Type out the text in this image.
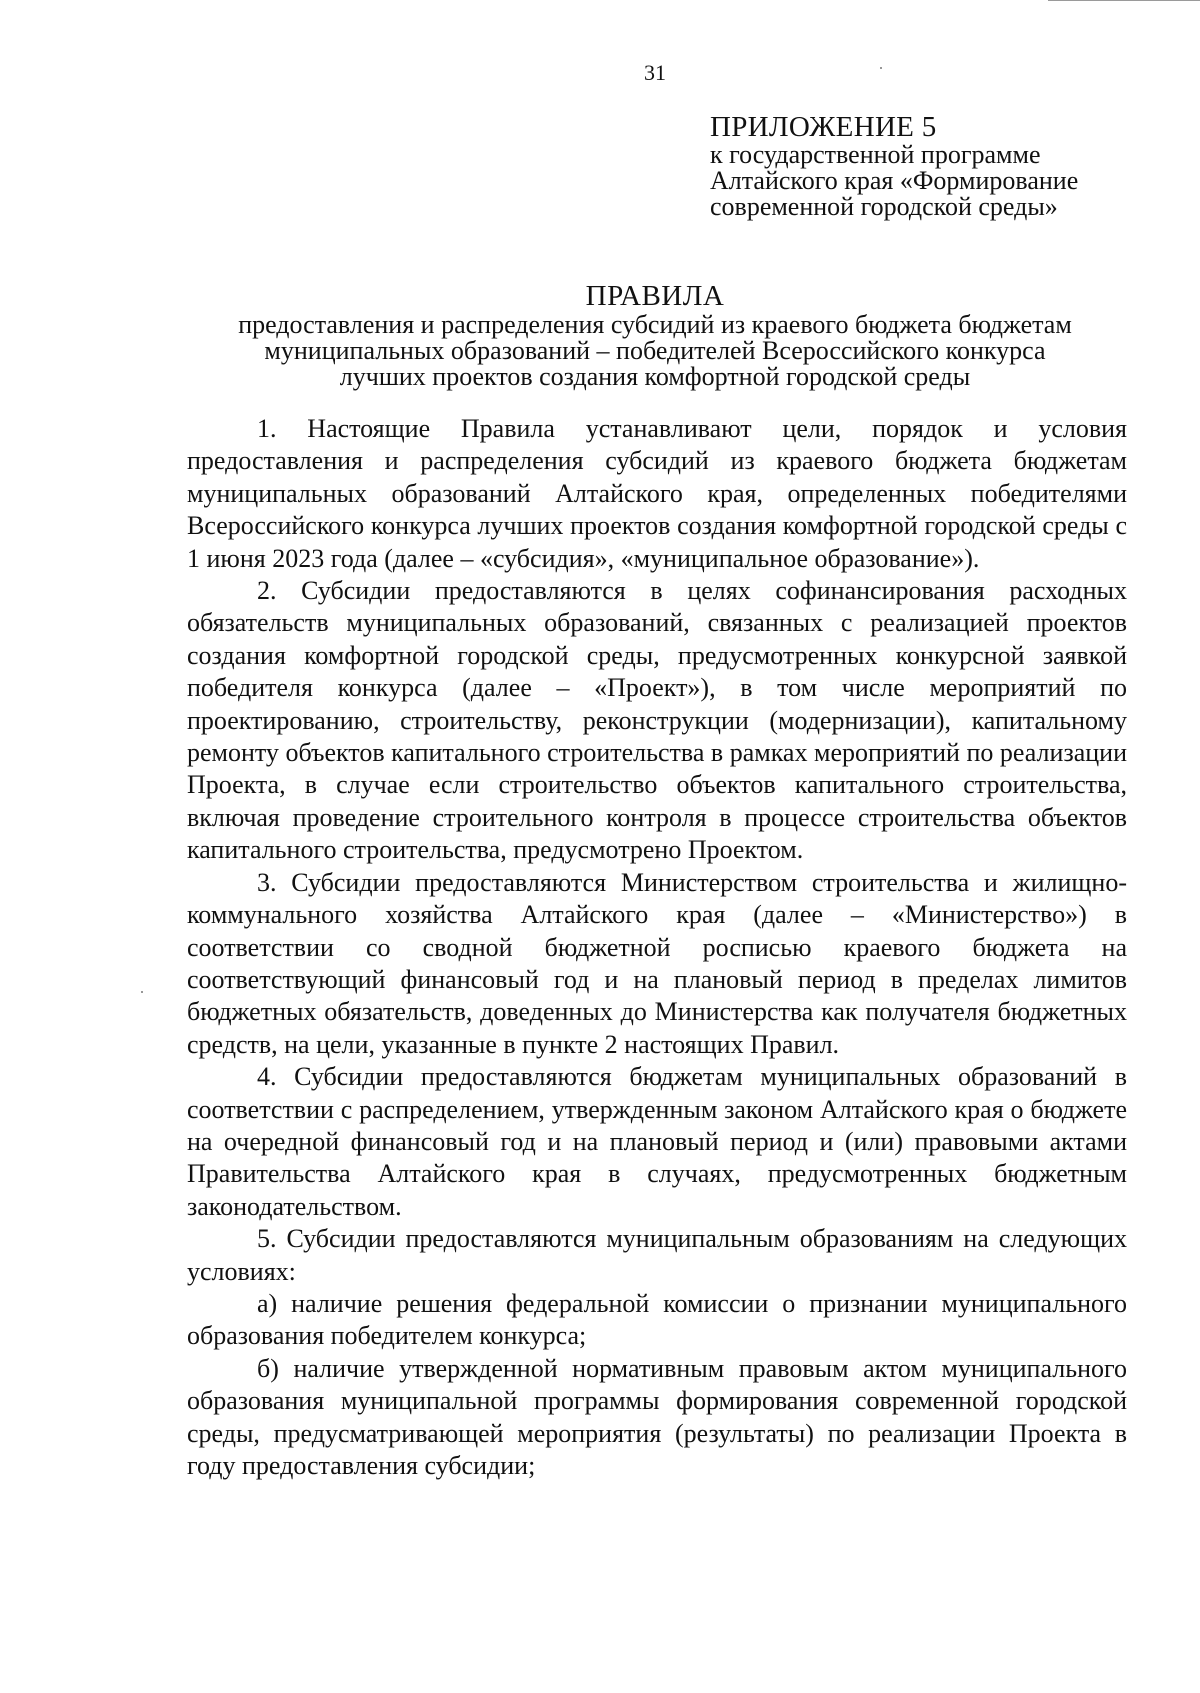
31
ПРИЛОЖЕНИЕ 5
к государственной программе
Алтайского края «Формирование
современной городской среды»
ПРАВИЛА
предоставления и распределения субсидий из краевого бюджета бюджетам
муниципальных образований – победителей Всероссийского конкурса
лучших проектов создания комфортной городской среды

1. Настоящие Правила устанавливают цели, порядок и условия предоставления и распределения субсидий из краевого бюджета бюджетам муниципальных образований Алтайского края, определенных победителями Всероссийского конкурса лучших проектов создания комфортной городской среды с 1 июня 2023 года (далее – «субсидия», «муниципальное образование»).

2. Субсидии предоставляются в целях софинансирования расходных обязательств муниципальных образований, связанных с реализацией проектов создания комфортной городской среды, предусмотренных конкурсной заявкой победителя конкурса (далее – «Проект»), в том числе мероприятий по проектированию, строительству, реконструкции (модернизации), капитальному ремонту объектов капитального строительства в рамках мероприятий по реализации Проекта, в случае если строительство объектов капитального строительства, включая проведение строительного контроля в процессе строительства объектов капитального строительства, предусмотрено Проектом.

3. Субсидии предоставляются Министерством строительства и жилищно-коммунального хозяйства Алтайского края (далее – «Министерство») в соответствии со сводной бюджетной росписью краевого бюджета на соответствующий финансовый год и на плановый период в пределах лимитов бюджетных обязательств, доведенных до Министерства как получателя бюджетных средств, на цели, указанные в пункте 2 настоящих Правил.

4. Субсидии предоставляются бюджетам муниципальных образований в соответствии с распределением, утвержденным законом Алтайского края о бюджете на очередной финансовый год и на плановый период и (или) правовыми актами Правительства Алтайского края в случаях, предусмотренных бюджетным законодательством.

5. Субсидии предоставляются муниципальным образованиям на следующих условиях:

а) наличие решения федеральной комиссии о признании муниципального образования победителем конкурса;

б) наличие утвержденной нормативным правовым актом муниципального образования муниципальной программы формирования современной городской среды, предусматривающей мероприятия (результаты) по реализации Проекта в году предоставления субсидии;
